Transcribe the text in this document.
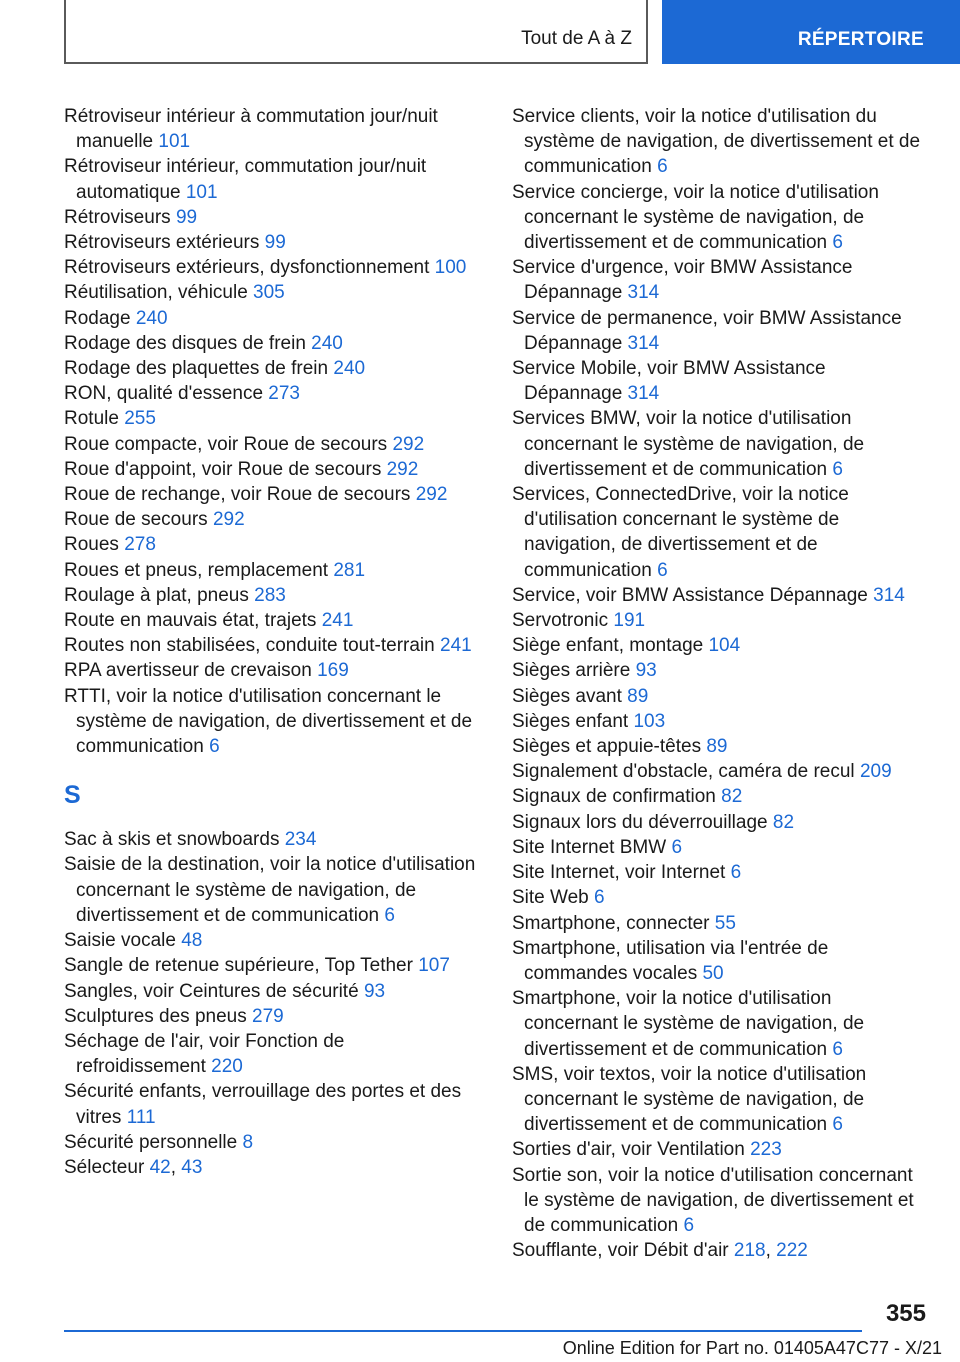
Tout de A à Z	RÉPERTOIRE

Rétroviseur intérieur à commutation jour/nuit manuelle 101

Rétroviseur intérieur, commutation jour/nuit automatique 101

Rétroviseurs 99

Rétroviseurs extérieurs 99

Rétroviseurs extérieurs, dysfonctionnement 100

Réutilisation, véhicule 305

Rodage 240

Rodage des disques de frein 240

Rodage des plaquettes de frein 240

RON, qualité d'essence 273

Rotule 255

Roue compacte, voir Roue de secours 292

Roue d'appoint, voir Roue de secours 292

Roue de rechange, voir Roue de secours 292

Roue de secours 292

Roues 278

Roues et pneus, remplacement 281

Roulage à plat, pneus 283

Route en mauvais état, trajets 241

Routes non stabilisées, conduite tout-terrain 241

RPA avertisseur de crevaison 169

RTTI, voir la notice d'utilisation concernant le système de navigation, de divertissement et de communication 6

S

Sac à skis et snowboards 234

Saisie de la destination, voir la notice d'utilisation concernant le système de navigation, de divertissement et de communication 6

Saisie vocale 48

Sangle de retenue supérieure, Top Tether 107

Sangles, voir Ceintures de sécurité 93

Sculptures des pneus 279

Séchage de l'air, voir Fonction de refroidissement 220

Sécurité enfants, verrouillage des portes et des vitres 111

Sécurité personnelle 8

Sélecteur 42, 43

Service clients, voir la notice d'utilisation du système de navigation, de divertissement et de communication 6

Service concierge, voir la notice d'utilisation concernant le système de navigation, de divertissement et de communication 6

Service d'urgence, voir BMW Assistance Dépannage 314

Service de permanence, voir BMW Assistance Dépannage 314

Service Mobile, voir BMW Assistance Dépannage 314

Services BMW, voir la notice d'utilisation concernant le système de navigation, de divertissement et de communication 6

Services, ConnectedDrive, voir la notice d'utilisation concernant le système de navigation, de divertissement et de communication 6

Service, voir BMW Assistance Dépannage 314

Servotronic 191

Siège enfant, montage 104

Sièges arrière 93

Sièges avant 89

Sièges enfant 103

Sièges et appuie-têtes 89

Signalement d'obstacle, caméra de recul 209

Signaux de confirmation 82

Signaux lors du déverrouillage 82

Site Internet BMW 6

Site Internet, voir Internet 6

Site Web 6

Smartphone, connecter 55

Smartphone, utilisation via l'entrée de commandes vocales 50

Smartphone, voir la notice d'utilisation concernant le système de navigation, de divertissement et de communication 6

SMS, voir textos, voir la notice d'utilisation concernant le système de navigation, de divertissement et de communication 6

Sorties d'air, voir Ventilation 223

Sortie son, voir la notice d'utilisation concernant le système de navigation, de divertissement et de communication 6

Soufflante, voir Débit d'air 218, 222

355
Online Edition for Part no. 01405A47C77 - X/21
